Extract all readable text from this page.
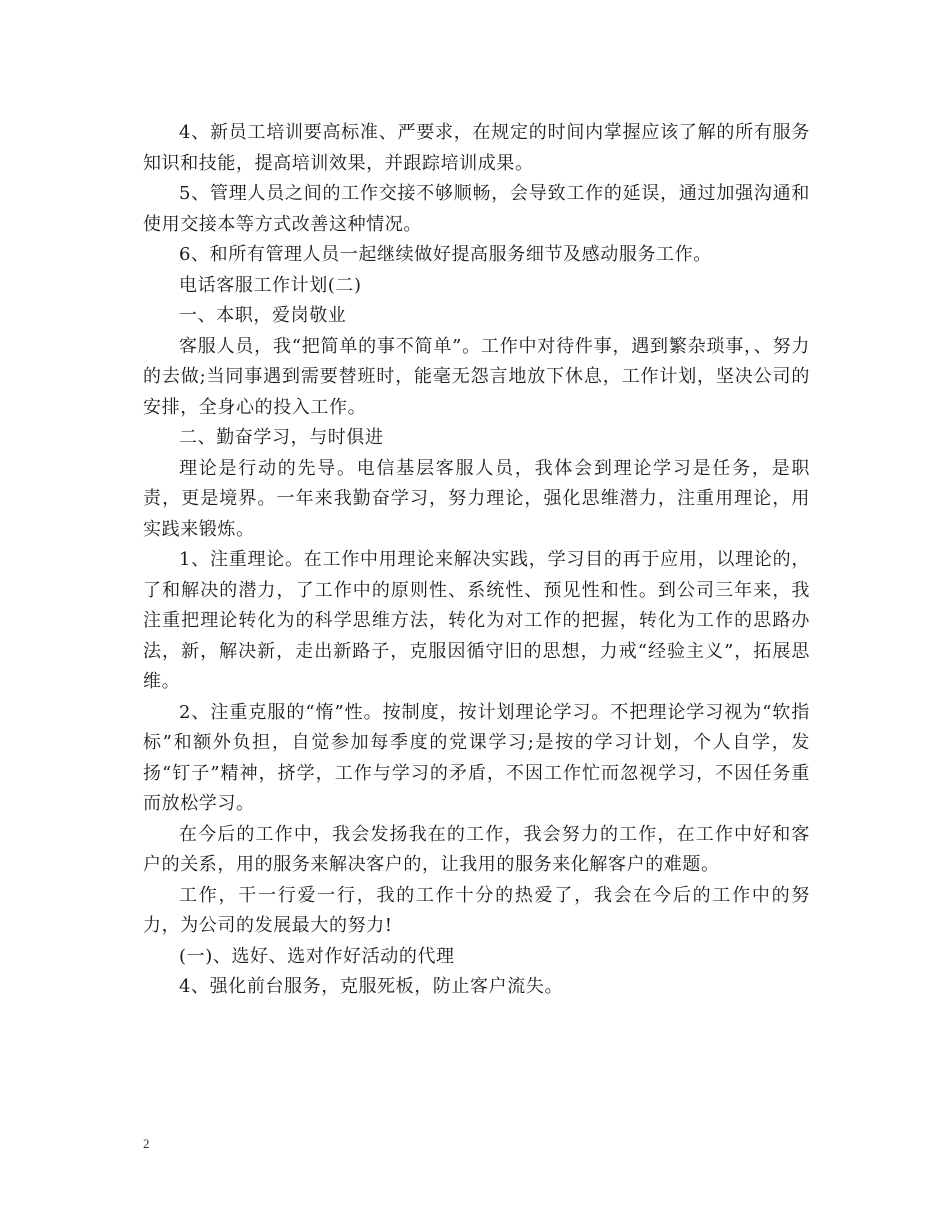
4、新员工培训要高标准、严要求，在规定的时间内掌握应该了解的所有服务知识和技能，提高培训效果，并跟踪培训成果。

5、管理人员之间的工作交接不够顺畅，会导致工作的延误，通过加强沟通和使用交接本等方式改善这种情况。

6、和所有管理人员一起继续做好提高服务细节及感动服务工作。

电话客服工作计划(二)

一、本职，爱岗敬业

客服人员，我“把简单的事不简单”。工作中对待件事，遇到繁杂琐事，、努力的去做;当同事遇到需要替班时，能毫无怨言地放下休息，工作计划，坚决公司的安排，全身心的投入工作。

二、勤奋学习，与时俱进

理论是行动的先导。电信基层客服人员，我体会到理论学习是任务，是职责，更是境界。一年来我勤奋学习，努力理论，强化思维潜力，注重用理论，用实践来锻炼。

1、注重理论。在工作中用理论来解决实践，学习目的再于应用，以理论的，了和解决的潜力，了工作中的原则性、系统性、预见性和性。到公司三年来，我注重把理论转化为的科学思维方法，转化为对工作的把握，转化为工作的思路办法，新，解决新，走出新路子，克服因循守旧的思想，力戒“经验主义”，拓展思维。

2、注重克服的“惰”性。按制度，按计划理论学习。不把理论学习视为“软指标”和额外负担，自觉参加每季度的党课学习;是按的学习计划，个人自学，发扬“钉子”精神，挤学，工作与学习的矛盾，不因工作忙而忽视学习，不因任务重而放松学习。

在今后的工作中，我会发扬我在的工作，我会努力的工作，在工作中好和客户的关系，用的服务来解决客户的，让我用的服务来化解客户的难题。

工作，干一行爱一行，我的工作十分的热爱了，我会在今后的工作中的努力，为公司的发展最大的努力!

(一)、选好、选对作好活动的代理

4、强化前台服务，克服死板，防止客户流失。

2
